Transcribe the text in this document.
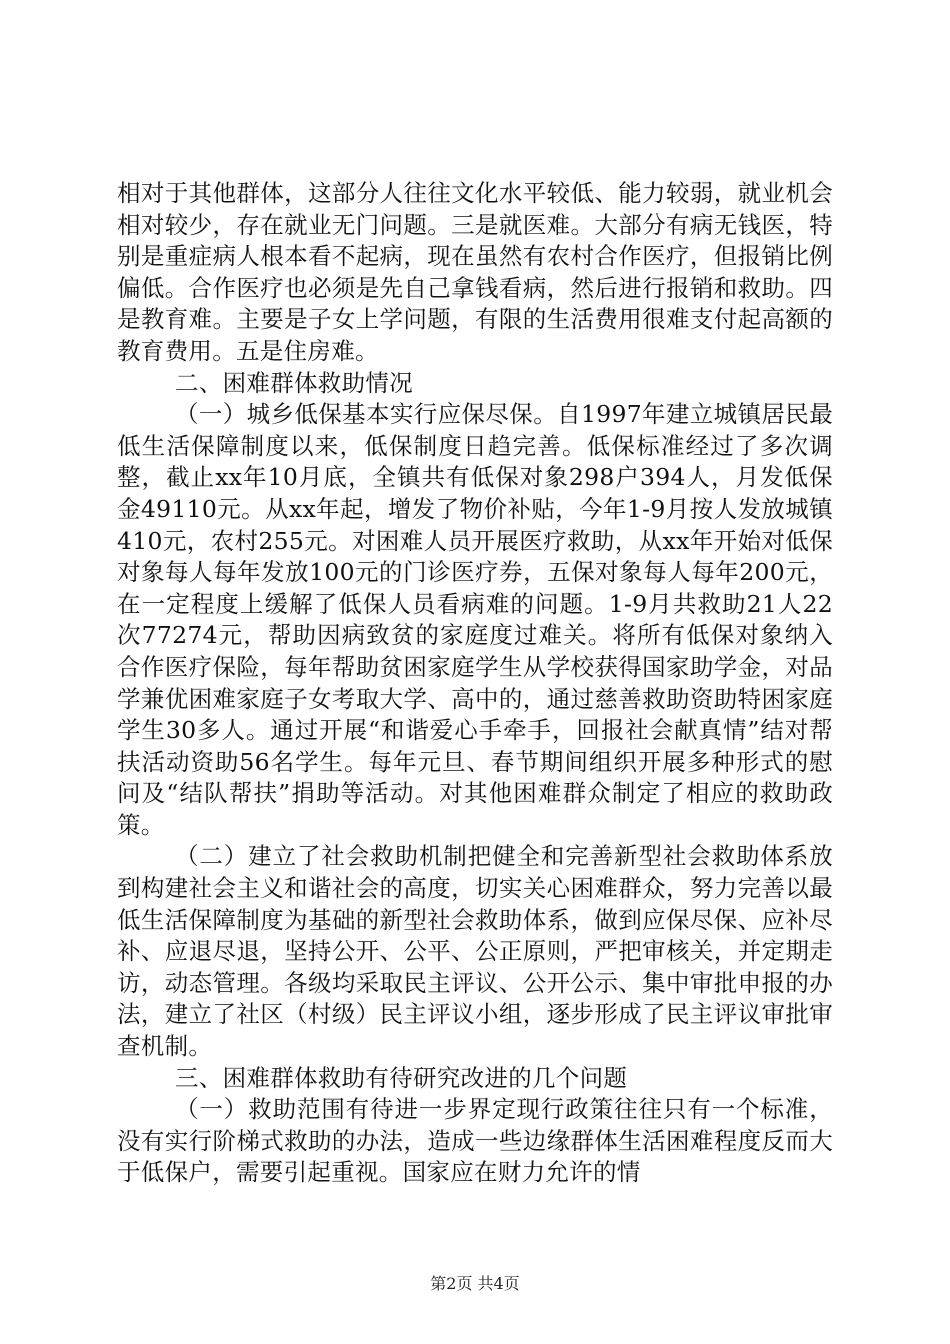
相对于其他群体，这部分人往往文化水平较低、能力较弱，就业机会相对较少，存在就业无门问题。三是就医难。大部分有病无钱医，特别是重症病人根本看不起病，现在虽然有农村合作医疗，但报销比例偏低。合作医疗也必须是先自己拿钱看病，然后进行报销和救助。四是教育难。主要是子女上学问题，有限的生活费用很难支付起高额的教育费用。五是住房难。

二、困难群体救助情况

（一）城乡低保基本实行应保尽保。自1997年建立城镇居民最低生活保障制度以来，低保制度日趋完善。低保标准经过了多次调整，截止xx年10月底，全镇共有低保对象298户394人，月发低保金49110元。从xx年起，增发了物价补贴，今年1-9月按人发放城镇410元，农村255元。对困难人员开展医疗救助，从xx年开始对低保对象每人每年发放100元的门诊医疗券，五保对象每人每年200元，在一定程度上缓解了低保人员看病难的问题。1-9月共救助21人22次77274元，帮助因病致贫的家庭度过难关。将所有低保对象纳入合作医疗保险，每年帮助贫困家庭学生从学校获得国家助学金，对品学兼优困难家庭子女考取大学、高中的，通过慈善救助资助特困家庭学生30多人。通过开展“和谐爱心手牵手，回报社会献真情”结对帮扶活动资助56名学生。每年元旦、春节期间组织开展多种形式的慰问及“结队帮扶”捐助等活动。对其他困难群众制定了相应的救助政策。

（二）建立了社会救助机制把健全和完善新型社会救助体系放到构建社会主义和谐社会的高度，切实关心困难群众，努力完善以最低生活保障制度为基础的新型社会救助体系，做到应保尽保、应补尽补、应退尽退，坚持公开、公平、公正原则，严把审核关，并定期走访，动态管理。各级均采取民主评议、公开公示、集中审批申报的办法，建立了社区（村级）民主评议小组，逐步形成了民主评议审批审查机制。

三、困难群体救助有待研究改进的几个问题

（一）救助范围有待进一步界定现行政策往往只有一个标准，没有实行阶梯式救助的办法，造成一些边缘群体生活困难程度反而大于低保户，需要引起重视。国家应在财力允许的情

第2页 共4页
